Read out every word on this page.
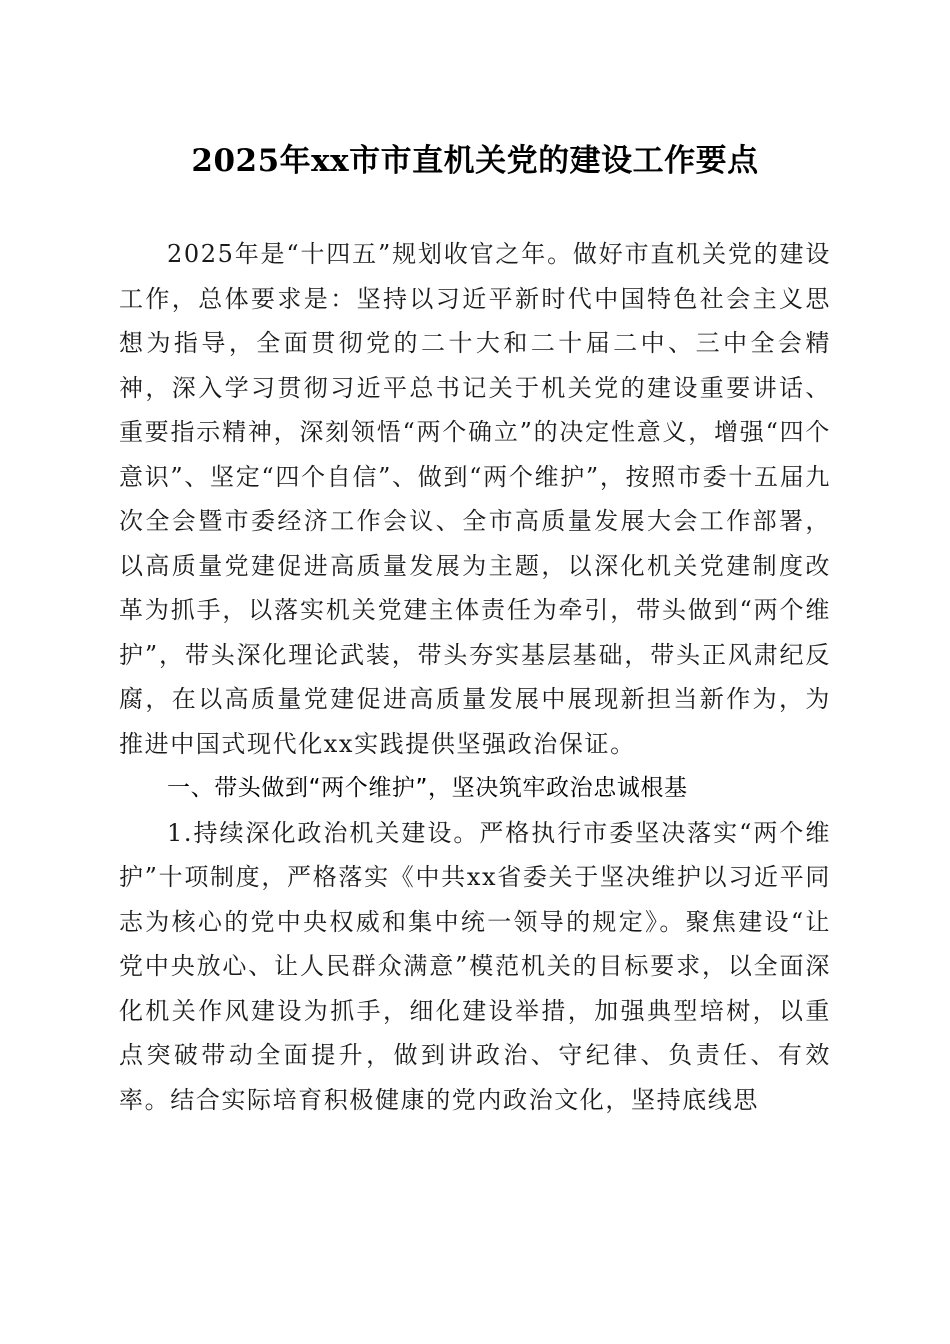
2025年xx市市直机关党的建设工作要点

2025年是“十四五”规划收官之年。做好市直机关党的建设工作，总体要求是：坚持以习近平新时代中国特色社会主义思想为指导，全面贯彻党的二十大和二十届二中、三中全会精神，深入学习贯彻习近平总书记关于机关党的建设重要讲话、重要指示精神，深刻领悟“两个确立”的决定性意义，增强“四个意识”、坚定“四个自信”、做到“两个维护”，按照市委十五届九次全会暨市委经济工作会议、全市高质量发展大会工作部署，以高质量党建促进高质量发展为主题，以深化机关党建制度改革为抓手，以落实机关党建主体责任为牵引，带头做到“两个维护”，带头深化理论武装，带头夯实基层基础，带头正风肃纪反腐，在以高质量党建促进高质量发展中展现新担当新作为，为推进中国式现代化xx实践提供坚强政治保证。

一、带头做到“两个维护”，坚决筑牢政治忠诚根基

1.持续深化政治机关建设。严格执行市委坚决落实“两个维护”十项制度，严格落实《中共xx省委关于坚决维护以习近平同志为核心的党中央权威和集中统一领导的规定》。聚焦建设“让党中央放心、让人民群众满意”模范机关的目标要求，以全面深化机关作风建设为抓手，细化建设举措，加强典型培树，以重点突破带动全面提升，做到讲政治、守纪律、负责任、有效率。结合实际培育积极健康的党内政治文化，坚持底线思
